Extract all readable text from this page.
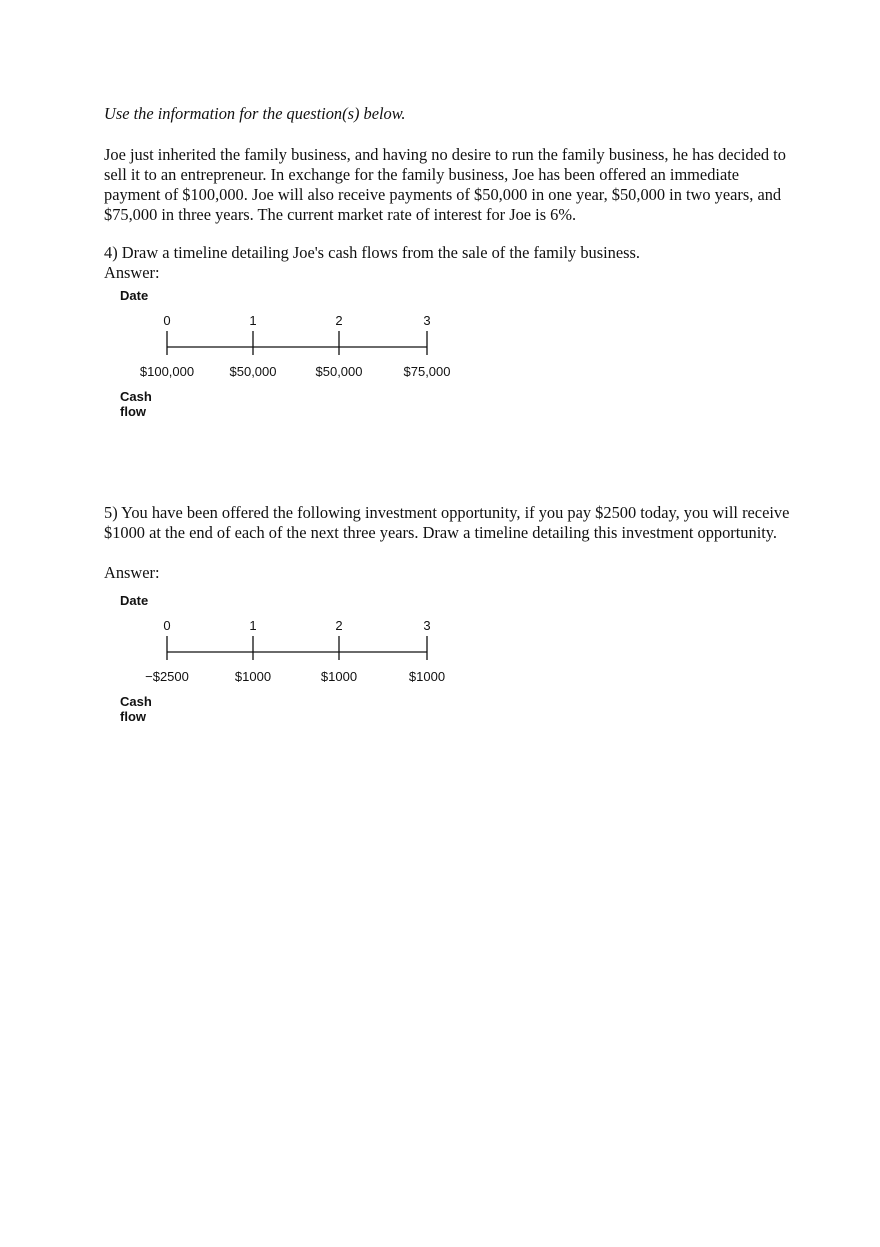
Use the information for the question(s) below.

Joe just inherited the family business, and having no desire to run the family business, he has decided to sell it to an entrepreneur. In exchange for the family business, Joe has been offered an immediate payment of $100,000. Joe will also receive payments of $50,000 in one year, $50,000 in two years, and $75,000 in three years. The current market rate of interest for Joe is 6%.

4) Draw a timeline detailing Joe's cash flows from the sale of the family business.

Answer:

Date
0	1	2	3
$100,000	$50,000	$50,000	$75,000
Cash flow

5) You have been offered the following investment opportunity, if you pay $2500 today, you will receive $1000 at the end of each of the next three years. Draw a timeline detailing this investment opportunity.

Answer:

Date
0	1	2	3
−$2500	$1000	$1000	$1000
Cash flow
